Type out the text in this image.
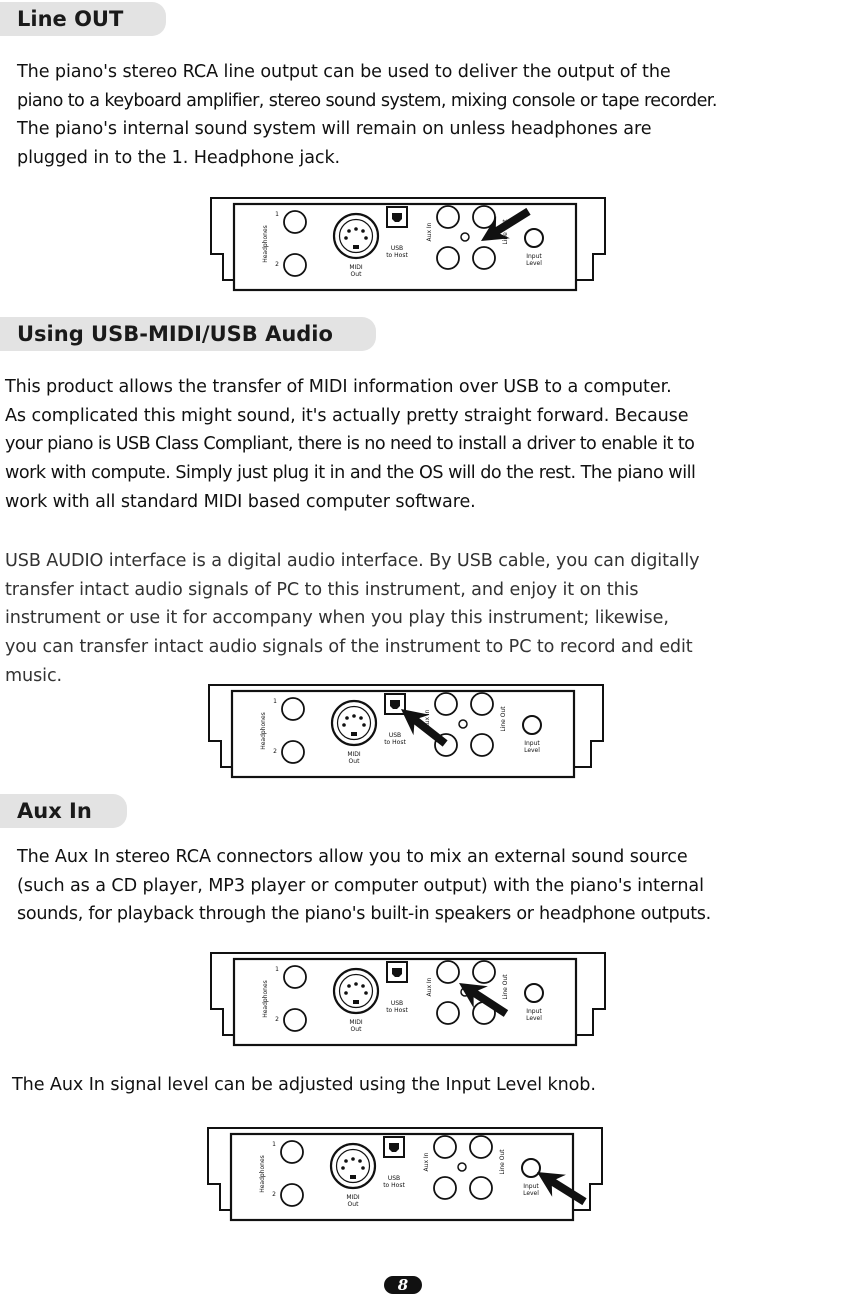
Line OUT
The piano's stereo RCA line output can be used to deliver the output of the
piano to a keyboard amplifier, stereo sound system, mixing console or tape recorder.
The piano's internal sound system will remain on unless headphones are
plugged in to the 1. Headphone jack.
Headphones
1
2	MIDI
Out
USB
to Host
Aux In	Line Out
Input
Level
Using USB-MIDI/USB Audio
This product allows the transfer of MIDI information over USB to a computer.
As complicated this might sound, it's actually pretty straight forward. Because
your piano is USB Class Compliant, there is no need to install a driver to enable it to
work with compute. Simply just plug it in and the OS will do the rest. The piano will
work with all standard MIDI based computer software.
USB AUDIO interface is a digital audio interface. By USB cable, you can digitally
transfer intact audio signals of PC to this instrument, and enjoy it on this
instrument or use it for accompany when you play this instrument; likewise,
you can transfer intact audio signals of the instrument to PC to record and edit
music.
Headphones
1
2	MIDI
Out
USB
to Host
Aux In	Line Out
Input
Level
Aux In
The Aux In stereo RCA connectors allow you to mix an external sound source
(such as a CD player, MP3 player or computer output) with the piano's internal
sounds, for playback through the piano's built-in speakers or headphone outputs.
Headphones
1
2	MIDI
Out
USB
to Host
Aux In	Line Out
Input
Level
The Aux In signal level can be adjusted using the Input Level knob.
Headphones
1
2	MIDI
Out
USB
to Host
Aux In	Line Out
Input
Level
8
